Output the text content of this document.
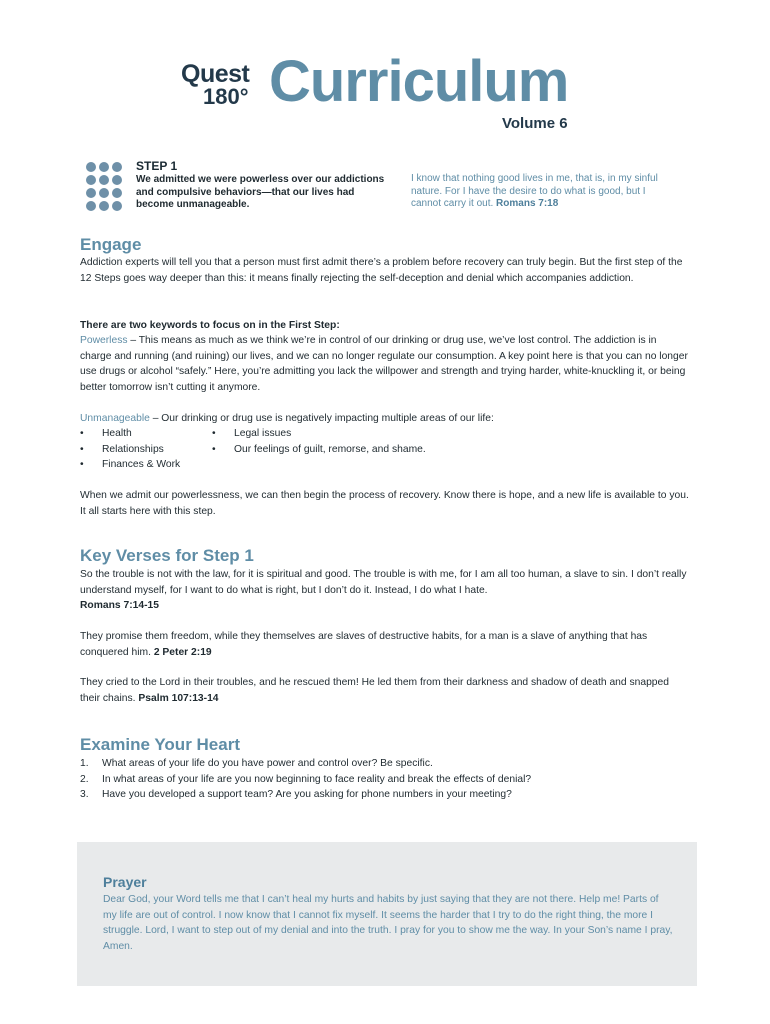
Quest
180° Curriculum
Volume 6
STEP 1
We admitted we were powerless over our addictions and compulsive behaviors—that our lives had become unmanageable.
I know that nothing good lives in me, that is, in my sinful nature. For I have the desire to do what is good, but I cannot carry it out. Romans 7:18
Engage
Addiction experts will tell you that a person must first admit there’s a problem before recovery can truly begin. But the first step of the 12 Steps goes way deeper than this: it means finally rejecting the self-deception and denial which accompanies addiction.
There are two keywords to focus on in the First Step:
Powerless – This means as much as we think we’re in control of our drinking or drug use, we’ve lost control. The addiction is in charge and running (and ruining) our lives, and we can no longer regulate our consumption. A key point here is that you can no longer use drugs or alcohol “safely.” Here, you’re admitting you lack the willpower and strength and trying harder, white-knuckling it, or being better tomorrow isn’t cutting it anymore.
Unmanageable – Our drinking or drug use is negatively impacting multiple areas of our life:
•	Health
•	Relationships
•	Finances & Work
•	Legal issues
•	Our feelings of guilt, remorse, and shame.
When we admit our powerlessness, we can then begin the process of recovery. Know there is hope, and a new life is available to you. It all starts here with this step.
Key Verses for Step 1
So the trouble is not with the law, for it is spiritual and good. The trouble is with me, for I am all too human, a slave to sin. I don’t really understand myself, for I want to do what is right, but I don’t do it. Instead, I do what I hate.
Romans 7:14-15
They promise them freedom, while they themselves are slaves of destructive habits, for a man is a slave of anything that has conquered him. 2 Peter 2:19
They cried to the Lord in their troubles, and he rescued them! He led them from their darkness and shadow of death and snapped their chains. Psalm 107:13-14
Examine Your Heart
1.	What areas of your life do you have power and control over? Be specific.
2.	In what areas of your life are you now beginning to face reality and break the effects of denial?
3.	Have you developed a support team? Are you asking for phone numbers in your meeting?
Prayer
Dear God, your Word tells me that I can’t heal my hurts and habits by just saying that they are not there. Help me! Parts of my life are out of control. I now know that I cannot fix myself. It seems the harder that I try to do the right thing, the more I struggle. Lord, I want to step out of my denial and into the truth. I pray for you to show me the way. In your Son’s name I pray, Amen.
